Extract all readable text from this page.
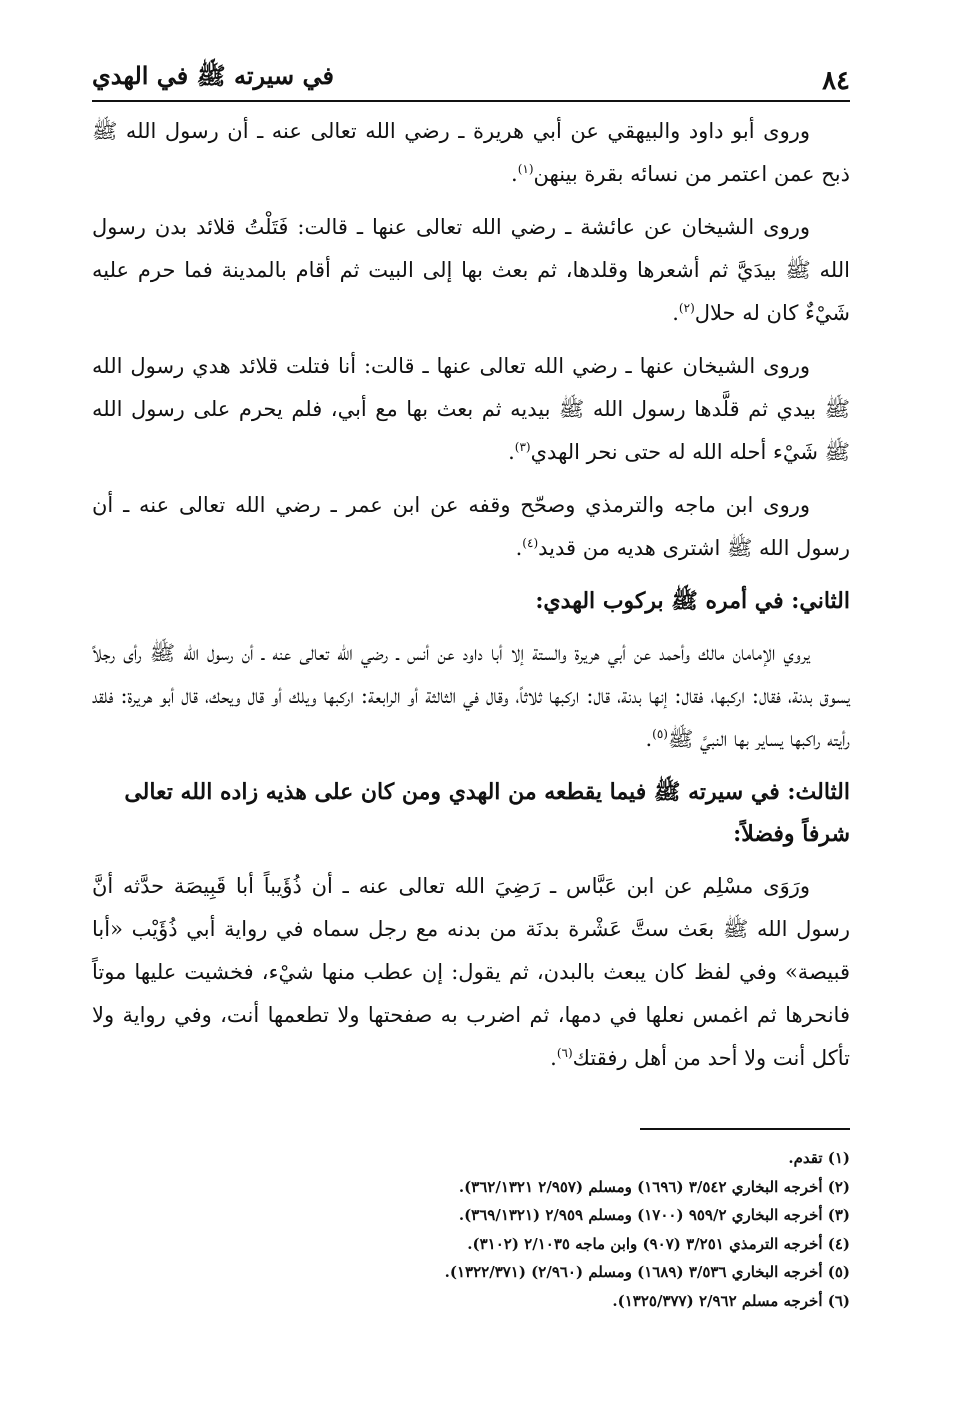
٨٤
في سيرته ﷺ في الهدي

وروى أبو داود والبيهقي عن أبي هريرة ـ رضي الله تعالى عنه ـ أن رسول الله ﷺ ذبح عمن اعتمر من نسائه بقرة بينهن$^{(١)}$.

وروى الشيخان عن عائشة ـ رضي الله تعالى عنها ـ قالت: فَتَلْتُ قلائد بدن رسول الله ﷺ بيدَيَّ ثم أشعرها وقلدها، ثم بعث بها إلى البيت ثم أقام بالمدينة فما حرم عليه شَيْءٌ كان له حلال$^{(٢)}$.

وروى الشيخان عنها ـ رضي الله تعالى عنها ـ قالت: أنا فتلت قلائد هدي رسول الله ﷺ بيدي ثم قلَّدها رسول الله ﷺ بيديه ثم بعث بها مع أبي، فلم يحرم على رسول الله ﷺ شَيْء أحله الله له حتى نحر الهدي$^{(٣)}$.

وروى ابن ماجه والترمذي وصحّح وقفه عن ابن عمر ـ رضي الله تعالى عنه ـ أن رسول الله ﷺ اشترى هديه من قديد$^{(٤)}$.

الثاني: في أمره ﷺ بركوب الهدي:

يروي الإمامان مالك وأحمد عن أبي هريرة والستة إلا أبا داود عن أنس ـ رضي الله تعالى عنه ـ أن رسول الله ﷺ رأى رجلاً يسوق بدنة، فقال: اركبها، فقال: إنها بدنة، قال: اركبها ثلاثاً، وقال في الثالثة أو الرابعة: اركبها ويلك أو قال ويحك، قال أبو هريرة: فلقد رأيته راكبها يساير بها النبيَّ ﷺ$^{(٥)}$.

الثالث: في سيرته ﷺ فيما يقطعه من الهدي ومن كان على هذيه زاده الله تعالى شرفاً وفضلاً:

ورَوَى مسْلِم عن ابن عَبَّاس ـ رَضِيَ الله تعالى عنه ـ أن ذُؤَيباً أبا قَبِيصَة حدَّثه أنَّ رسول الله ﷺ بعَث ستَّ عَشْرة بدنَة من بدنه مع رجل سماه في رواية أبي ذُؤَيْب «أبا قبيصة» وفي لفظ كان يبعث بالبدن، ثم يقول: إن عطب منها شيْء، فخشيت عليها موتاً فانحرها ثم اغمس نعلها في دمها، ثم اضرب به صفحتها ولا تطعمها أنت، وفي رواية ولا تأكل أنت ولا أحد من أهل رفقتك$^{(٦)}$.

(١) تقدم.
(٢) أخرجه البخاري ٣/٥٤٢ (١٦٩٦) ومسلم (٢/٩٥٧ ٣٦٢/١٣٢١).
(٣) أخرجه البخاري ٩٥٩/٢ (١٧٠٠) ومسلم ٢/٩٥٩ (٣٦٩/١٣٢١).
(٤) أخرجه الترمذي ٣/٢٥١ (٩٠٧) وابن ماجه ٢/١٠٣٥ (٣١٠٢).
(٥) أخرجه البخاري ٣/٥٣٦ (١٦٨٩) ومسلم (٢/٩٦٠) (١٣٢٢/٣٧١).
(٦) أخرجه مسلم ٢/٩٦٢ (١٣٢٥/٣٧٧).
